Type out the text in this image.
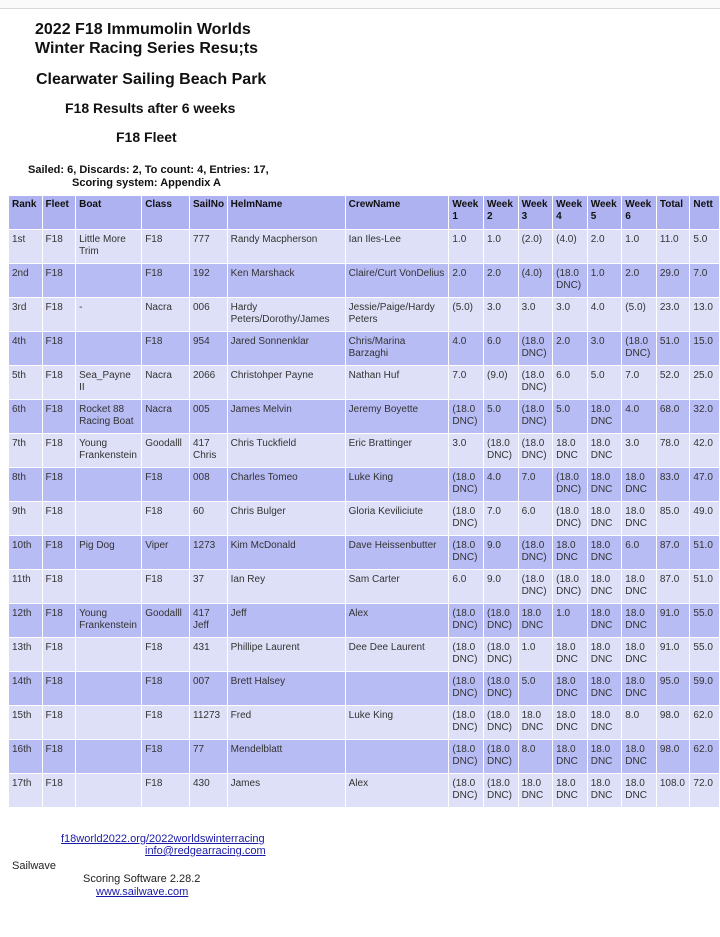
2022 F18 Immumolin Worlds
Winter Racing Series Resu;ts
Clearwater Sailing Beach Park
F18 Results after 6 weeks
F18 Fleet
Sailed: 6, Discards: 2, To count: 4, Entries: 17,
Scoring system: Appendix A
Rank	Fleet	Boat	Class	SailNo	HelmName	CrewName	Week 1	Week 2	Week 3	Week 4	Week 5	Week 6	Total	Nett
1st	F18	Little More Trim	F18	777	Randy Macpherson	Ian Iles-Lee	1.0	1.0	(2.0)	(4.0)	2.0	1.0	11.0	5.0
2nd	F18		F18	192	Ken Marshack	Claire/Curt VonDelius	2.0	2.0	(4.0)	(18.0 DNC)	1.0	2.0	29.0	7.0
3rd	F18	-	Nacra	006	Hardy Peters/Dorothy/James	Jessie/Paige/Hardy Peters	(5.0)	3.0	3.0	3.0	4.0	(5.0)	23.0	13.0
4th	F18		F18	954	Jared Sonnenklar	Chris/Marina Barzaghi	4.0	6.0	(18.0 DNC)	2.0	3.0	(18.0 DNC)	51.0	15.0
5th	F18	Sea_Payne II	Nacra	2066	Christohper Payne	Nathan Huf	7.0	(9.0)	(18.0 DNC)	6.0	5.0	7.0	52.0	25.0
6th	F18	Rocket 88 Racing Boat	Nacra	005	James Melvin	Jeremy Boyette	(18.0 DNC)	5.0	(18.0 DNC)	5.0	18.0 DNC	4.0	68.0	32.0
7th	F18	Young Frankenstein	Goodalll	417 Chris	Chris Tuckfield	Eric Brattinger	3.0	(18.0 DNC)	(18.0 DNC)	18.0 DNC	18.0 DNC	3.0	78.0	42.0
8th	F18		F18	008	Charles Tomeo	Luke King	(18.0 DNC)	4.0	7.0	(18.0 DNC)	18.0 DNC	18.0 DNC	83.0	47.0
9th	F18		F18	60	Chris Bulger	Gloria Keviliciute	(18.0 DNC)	7.0	6.0	(18.0 DNC)	18.0 DNC	18.0 DNC	85.0	49.0
10th	F18	Pig Dog	Viper	1273	Kim McDonald	Dave Heissenbutter	(18.0 DNC)	9.0	(18.0 DNC)	18.0 DNC	18.0 DNC	6.0	87.0	51.0
11th	F18		F18	37	Ian Rey	Sam Carter	6.0	9.0	(18.0 DNC)	(18.0 DNC)	18.0 DNC	18.0 DNC	87.0	51.0
12th	F18	Young Frankenstein	Goodalll	417 Jeff	Jeff	Alex	(18.0 DNC)	(18.0 DNC)	18.0 DNC	1.0	18.0 DNC	18.0 DNC	91.0	55.0
13th	F18		F18	431	Phillipe Laurent	Dee Dee Laurent	(18.0 DNC)	(18.0 DNC)	1.0	18.0 DNC	18.0 DNC	18.0 DNC	91.0	55.0
14th	F18		F18	007	Brett Halsey		(18.0 DNC)	(18.0 DNC)	5.0	18.0 DNC	18.0 DNC	18.0 DNC	95.0	59.0
15th	F18		F18	11273	Fred	Luke King	(18.0 DNC)	(18.0 DNC)	18.0 DNC	18.0 DNC	18.0 DNC	8.0	98.0	62.0
16th	F18		F18	77	Mendelblatt		(18.0 DNC)	(18.0 DNC)	8.0	18.0 DNC	18.0 DNC	18.0 DNC	98.0	62.0
17th	F18		F18	430	James	Alex	(18.0 DNC)	(18.0 DNC)	18.0 DNC	18.0 DNC	18.0 DNC	18.0 DNC	108.0	72.0
f18world2022.org/2022worldswinterracing
info@redgearracing.com
Sailwave
Scoring Software 2.28.2
www.sailwave.com
